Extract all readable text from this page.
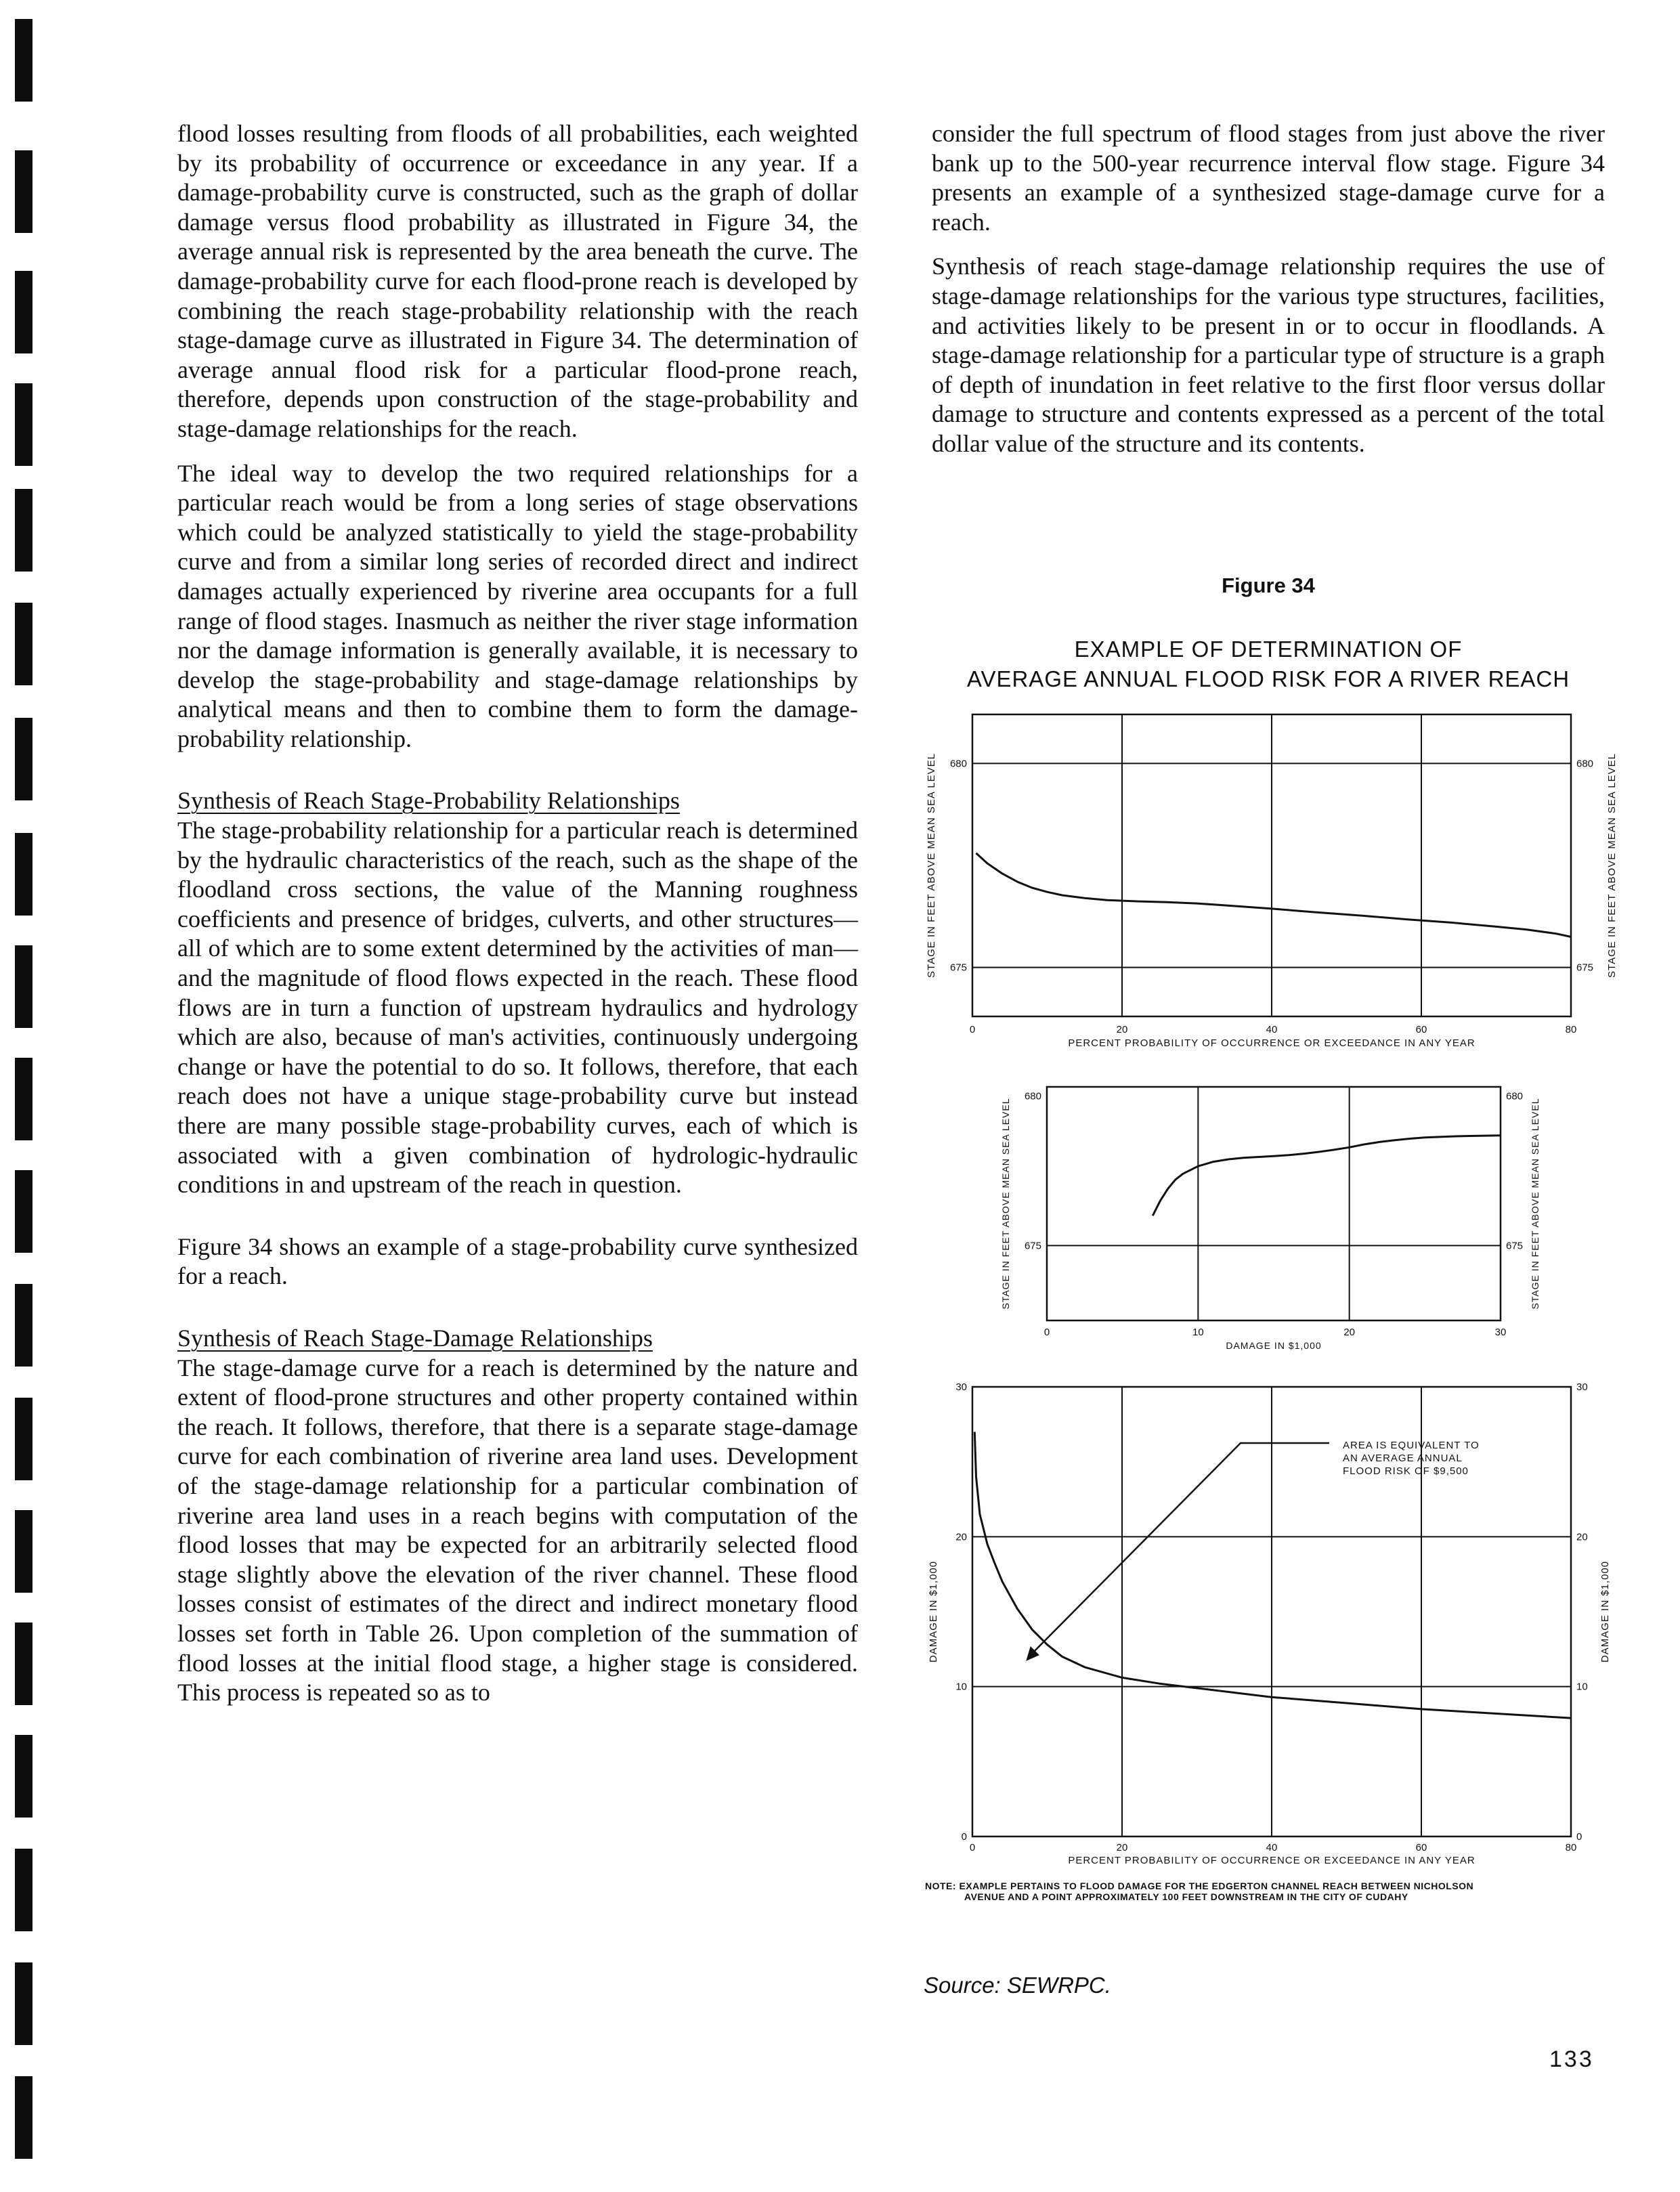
flood losses resulting from floods of all probabilities, each weighted by its probability of occurrence or exceedance in any year. If a damage-probability curve is constructed, such as the graph of dollar damage versus flood probability as illustrated in Figure 34, the average annual risk is represented by the area beneath the curve. The damage-probability curve for each flood-prone reach is developed by combining the reach stage-probability relationship with the reach stage-damage curve as illustrated in Figure 34. The determination of average annual flood risk for a particular flood-prone reach, therefore, depends upon construction of the stage-probability and stage-damage relationships for the reach.

The ideal way to develop the two required relationships for a particular reach would be from a long series of stage observations which could be analyzed statistically to yield the stage-probability curve and from a similar long series of recorded direct and indirect damages actually experienced by riverine area occupants for a full range of flood stages. Inasmuch as neither the river stage information nor the damage information is generally available, it is necessary to develop the stage-probability and stage-damage relationships by analytical means and then to combine them to form the damage-probability relationship.

Synthesis of Reach Stage-Probability Relationships

The stage-probability relationship for a particular reach is determined by the hydraulic characteristics of the reach, such as the shape of the floodland cross sections, the value of the Manning roughness coefficients and presence of bridges, culverts, and other structures—all of which are to some extent determined by the activities of man—and the magnitude of flood flows expected in the reach. These flood flows are in turn a function of upstream hydraulics and hydrology which are also, because of man's activities, continuously undergoing change or have the potential to do so. It follows, therefore, that each reach does not have a unique stage-probability curve but instead there are many possible stage-probability curves, each of which is associated with a given combination of hydrologic-hydraulic conditions in and upstream of the reach in question.

Figure 34 shows an example of a stage-probability curve synthesized for a reach.

Synthesis of Reach Stage-Damage Relationships

The stage-damage curve for a reach is determined by the nature and extent of flood-prone structures and other property contained within the reach. It follows, therefore, that there is a separate stage-damage curve for each combination of riverine area land uses. Development of the stage-damage relationship for a particular combination of riverine area land uses in a reach begins with computation of the flood losses that may be expected for an arbitrarily selected flood stage slightly above the elevation of the river channel. These flood losses consist of estimates of the direct and indirect monetary flood losses set forth in Table 26. Upon completion of the summation of flood losses at the initial flood stage, a higher stage is considered. This process is repeated so as to

consider the full spectrum of flood stages from just above the river bank up to the 500-year recurrence interval flow stage. Figure 34 presents an example of a synthesized stage-damage curve for a reach.

Synthesis of reach stage-damage relationship requires the use of stage-damage relationships for the various type structures, facilities, and activities likely to be present in or to occur in floodlands. A stage-damage relationship for a particular type of structure is a graph of depth of inundation in feet relative to the first floor versus dollar damage to structure and contents expressed as a percent of the total dollar value of the structure and its contents.

Figure 34
EXAMPLE OF DETERMINATION OF
AVERAGE ANNUAL FLOOD RISK FOR A RIVER REACH
0	20	40	60	80
675	675
680	680
PERCENT PROBABILITY OF OCCURRENCE OR EXCEEDANCE IN ANY YEAR
STAGE IN FEET ABOVE MEAN SEA LEVEL	STAGE IN FEET ABOVE MEAN SEA LEVEL
0	10	20	30
675	675
680	680
DAMAGE IN $1,000
STAGE IN FEET ABOVE MEAN SEA LEVEL	STAGE IN FEET ABOVE MEAN SEA LEVEL
0	20	40	60	80
0	0
10	10
20	20
30	30
PERCENT PROBABILITY OF OCCURRENCE OR EXCEEDANCE IN ANY YEAR
DAMAGE IN $1,000	DAMAGE IN $1,000
AREA IS EQUIVALENT TO
AN AVERAGE ANNUAL
FLOOD RISK OF $9,500
NOTE: EXAMPLE PERTAINS TO FLOOD DAMAGE FOR THE EDGERTON CHANNEL REACH BETWEEN NICHOLSON
AVENUE AND A POINT APPROXIMATELY 100 FEET DOWNSTREAM IN THE CITY OF CUDAHY
Source: SEWRPC.
133
